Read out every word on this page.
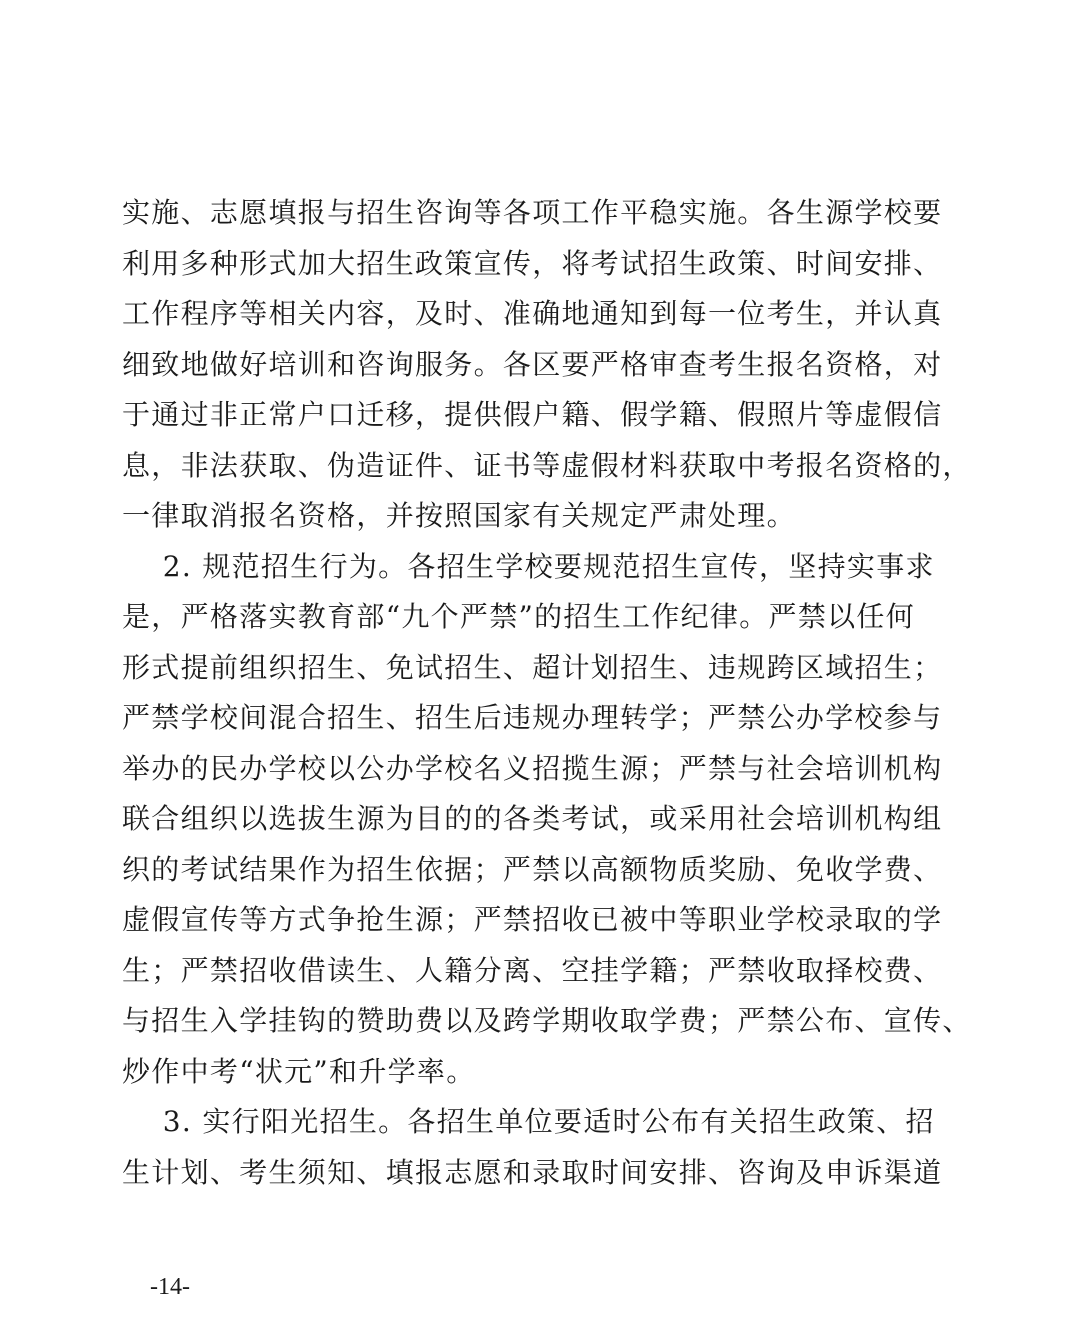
实施、志愿填报与招生咨询等各项工作平稳实施。各生源学校要
利用多种形式加大招生政策宣传，将考试招生政策、时间安排、
工作程序等相关内容，及时、准确地通知到每一位考生，并认真
细致地做好培训和咨询服务。各区要严格审查考生报名资格，对
于通过非正常户口迁移，提供假户籍、假学籍、假照片等虚假信
息，非法获取、伪造证件、证书等虚假材料获取中考报名资格的，
一律取消报名资格，并按照国家有关规定严肃处理。
2. 规范招生行为。各招生学校要规范招生宣传，坚持实事求
是，严格落实教育部“九个严禁”的招生工作纪律。严禁以任何
形式提前组织招生、免试招生、超计划招生、违规跨区域招生；
严禁学校间混合招生、招生后违规办理转学；严禁公办学校参与
举办的民办学校以公办学校名义招揽生源；严禁与社会培训机构
联合组织以选拔生源为目的的各类考试，或采用社会培训机构组
织的考试结果作为招生依据；严禁以高额物质奖励、免收学费、
虚假宣传等方式争抢生源；严禁招收已被中等职业学校录取的学
生；严禁招收借读生、人籍分离、空挂学籍；严禁收取择校费、
与招生入学挂钩的赞助费以及跨学期收取学费；严禁公布、宣传、
炒作中考“状元”和升学率。
3. 实行阳光招生。各招生单位要适时公布有关招生政策、招
生计划、考生须知、填报志愿和录取时间安排、咨询及申诉渠道
-14-
